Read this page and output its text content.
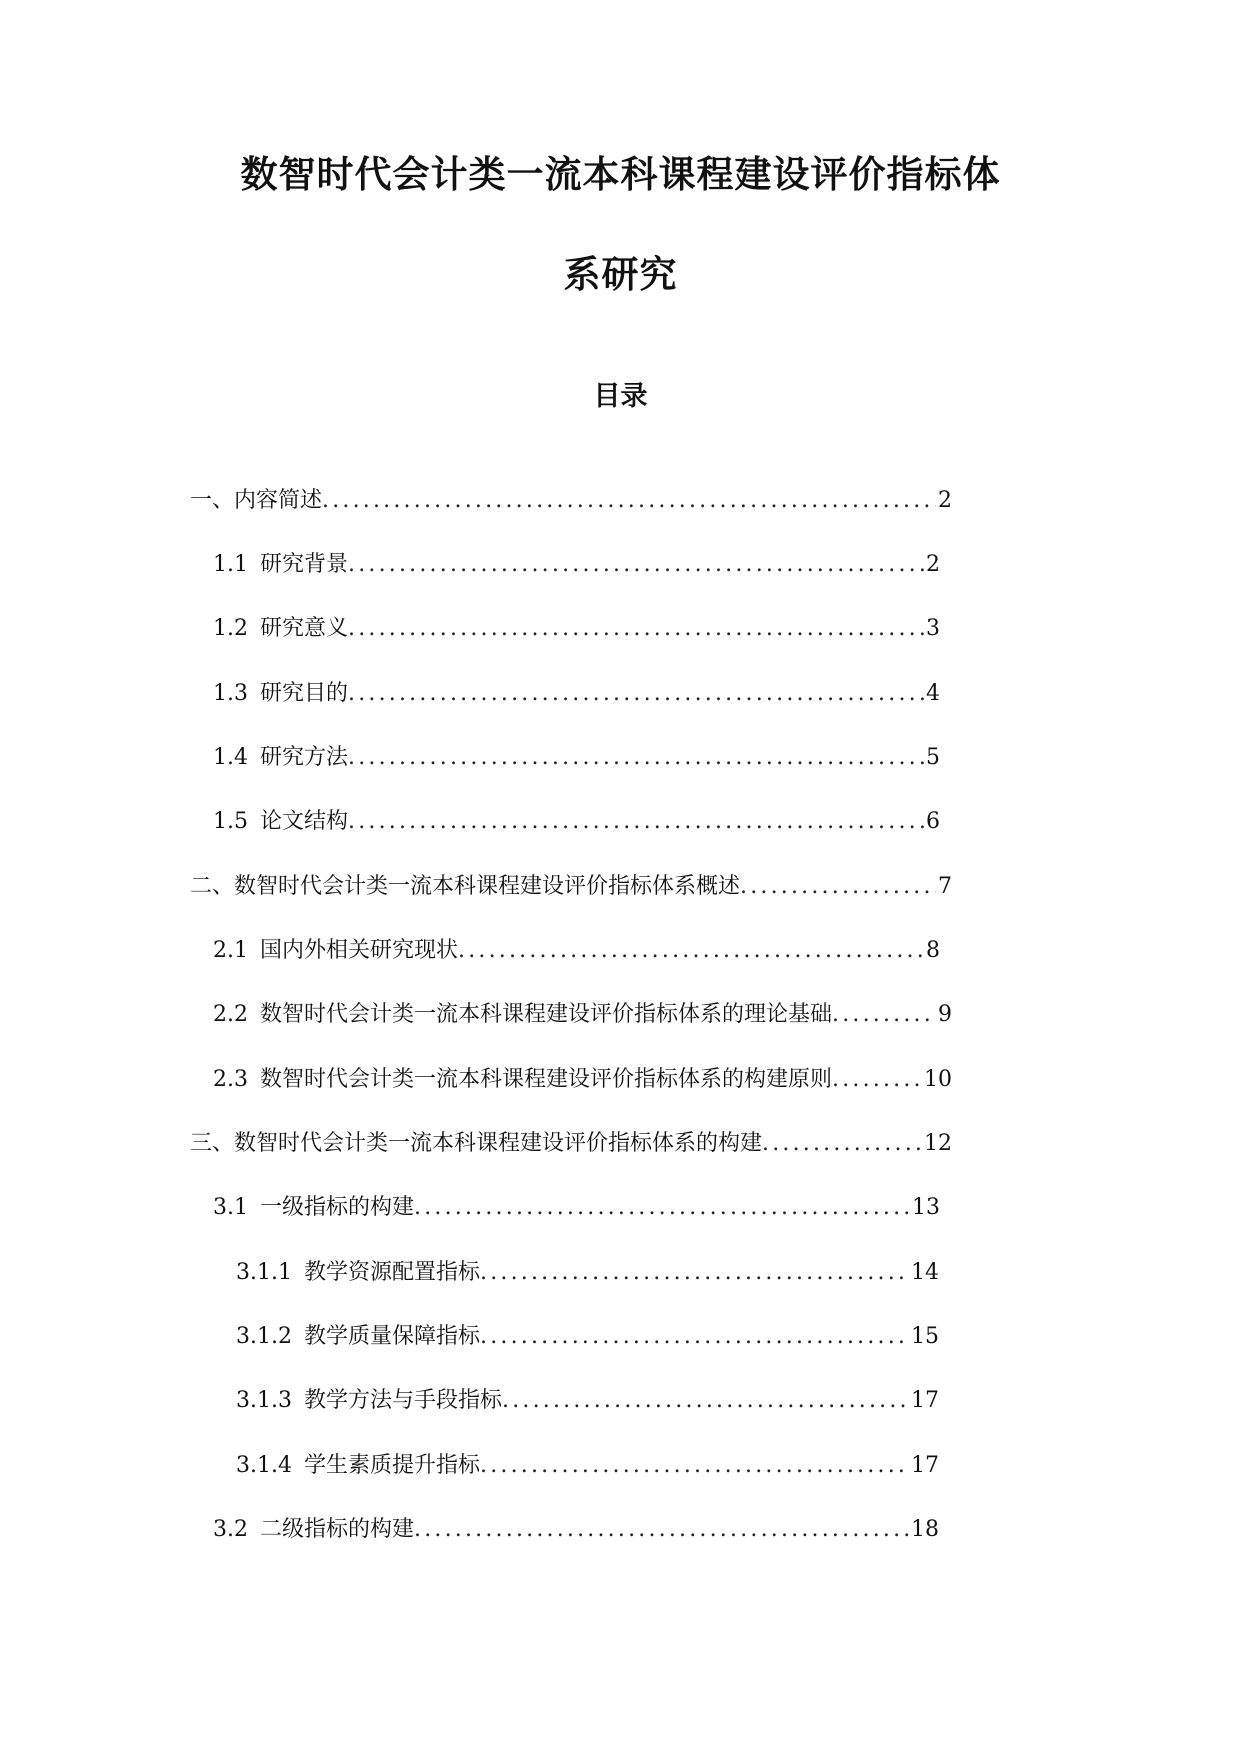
数智时代会计类一流本科课程建设评价指标体
系研究
目录
一、内容简述 .....	2
1.1 研究背景 .....	2
1.2 研究意义 .....	3
1.3 研究目的 .....	4
1.4 研究方法 .....	5
1.5 论文结构 .....	6
二、数智时代会计类一流本科课程建设评价指标体系概述 .....	7
2.1 国内外相关研究现状 .....	8
2.2 数智时代会计类一流本科课程建设评价指标体系的理论基础 .....	9
2.3 数智时代会计类一流本科课程建设评价指标体系的构建原则 .....	10
三、数智时代会计类一流本科课程建设评价指标体系的构建 .....	12
3.1 一级指标的构建 .....	13
3.1.1 教学资源配置指标 .....	14
3.1.2 教学质量保障指标 .....	15
3.1.3 教学方法与手段指标 .....	17
3.1.4 学生素质提升指标 .....	17
3.2 二级指标的构建 .....	18
